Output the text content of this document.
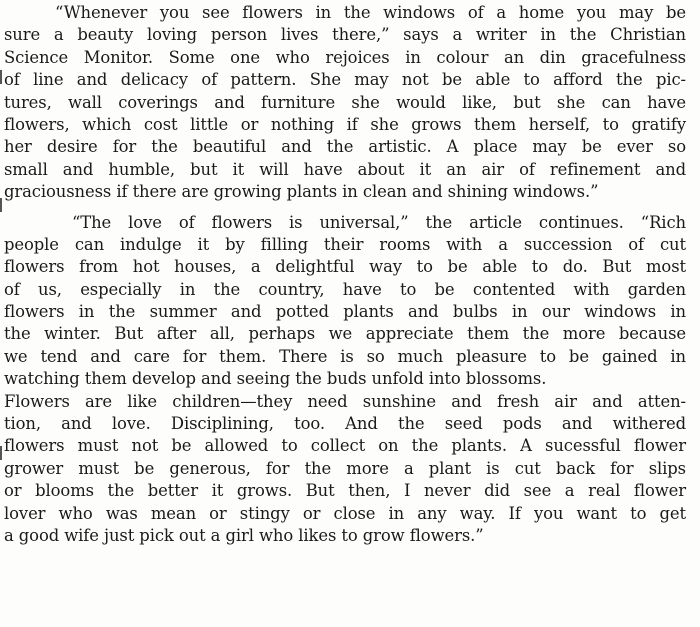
“Whenever you see flowers in the windows of a home you may be
sure a beauty loving person lives there,” says a writer in the Christian
Science Monitor. Some one who rejoices in colour an din gracefulness
of line and delicacy of pattern. She may not be able to afford the pic-
tures, wall coverings and furniture she would like, but she can have
flowers, which cost little or nothing if she grows them herself, to gratify
her desire for the beautiful and the artistic. A place may be ever so
small and humble, but it will have about it an air of refinement and
graciousness if there are growing plants in clean and shining windows.”
“The love of flowers is universal,” the article continues. “Rich
people can indulge it by filling their rooms with a succession of cut
flowers from hot houses, a delightful way to be able to do. But most
of us, especially in the country, have to be contented with garden
flowers in the summer and potted plants and bulbs in our windows in
the winter. But after all, perhaps we appreciate them the more because
we tend and care for them. There is so much pleasure to be gained in
watching them develop and seeing the buds unfold into blossoms.
Flowers are like children—they need sunshine and fresh air and atten-
tion, and love. Disciplining, too. And the seed pods and withered
flowers must not be allowed to collect on the plants. A sucessful flower
grower must be generous, for the more a plant is cut back for slips
or blooms the better it grows. But then, I never did see a real flower
lover who was mean or stingy or close in any way. If you want to get
a good wife just pick out a girl who likes to grow flowers.”
